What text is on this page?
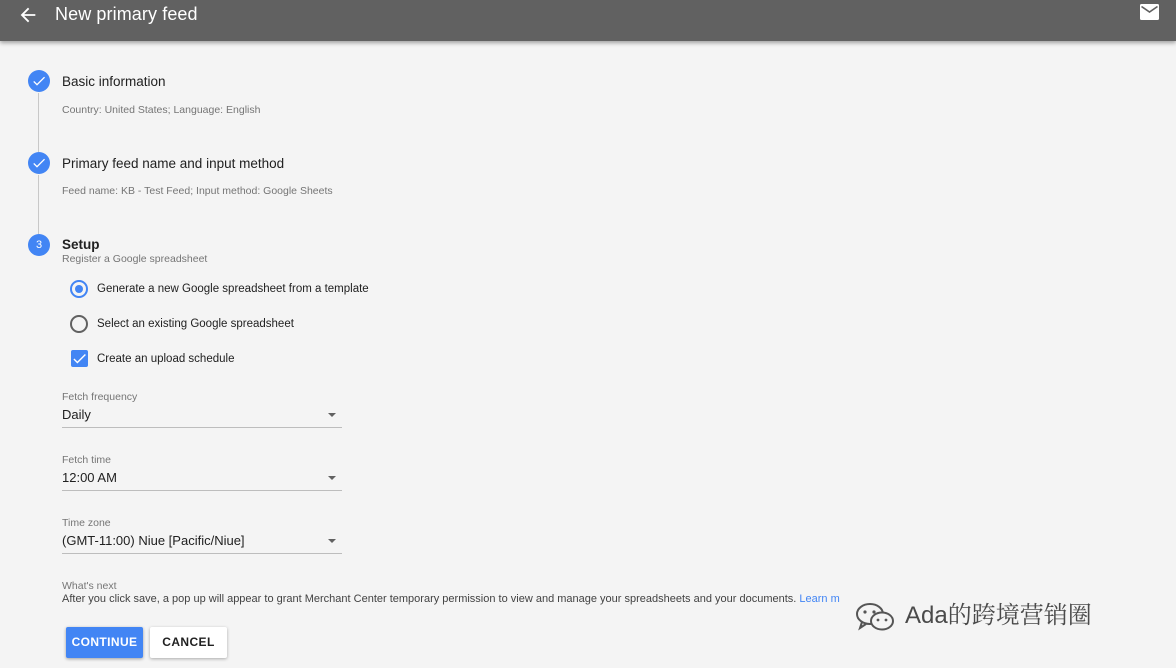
New primary feed
Basic information
Country: United States; Language: English
Primary feed name and input method
Feed name: KB - Test Feed; Input method: Google Sheets
3	Setup
Register a Google spreadsheet
Generate a new Google spreadsheet from a template
Select an existing Google spreadsheet
Create an upload schedule
Fetch frequency
Daily
Fetch time
12:00 AM
Time zone
(GMT-11:00) Niue [Pacific/Niue]
What's next
After you click save, a pop up will appear to grant Merchant Center temporary permission to view and manage your spreadsheets and your documents. Learn m
CONTINUE	CANCEL
Ada的跨境营销圈
